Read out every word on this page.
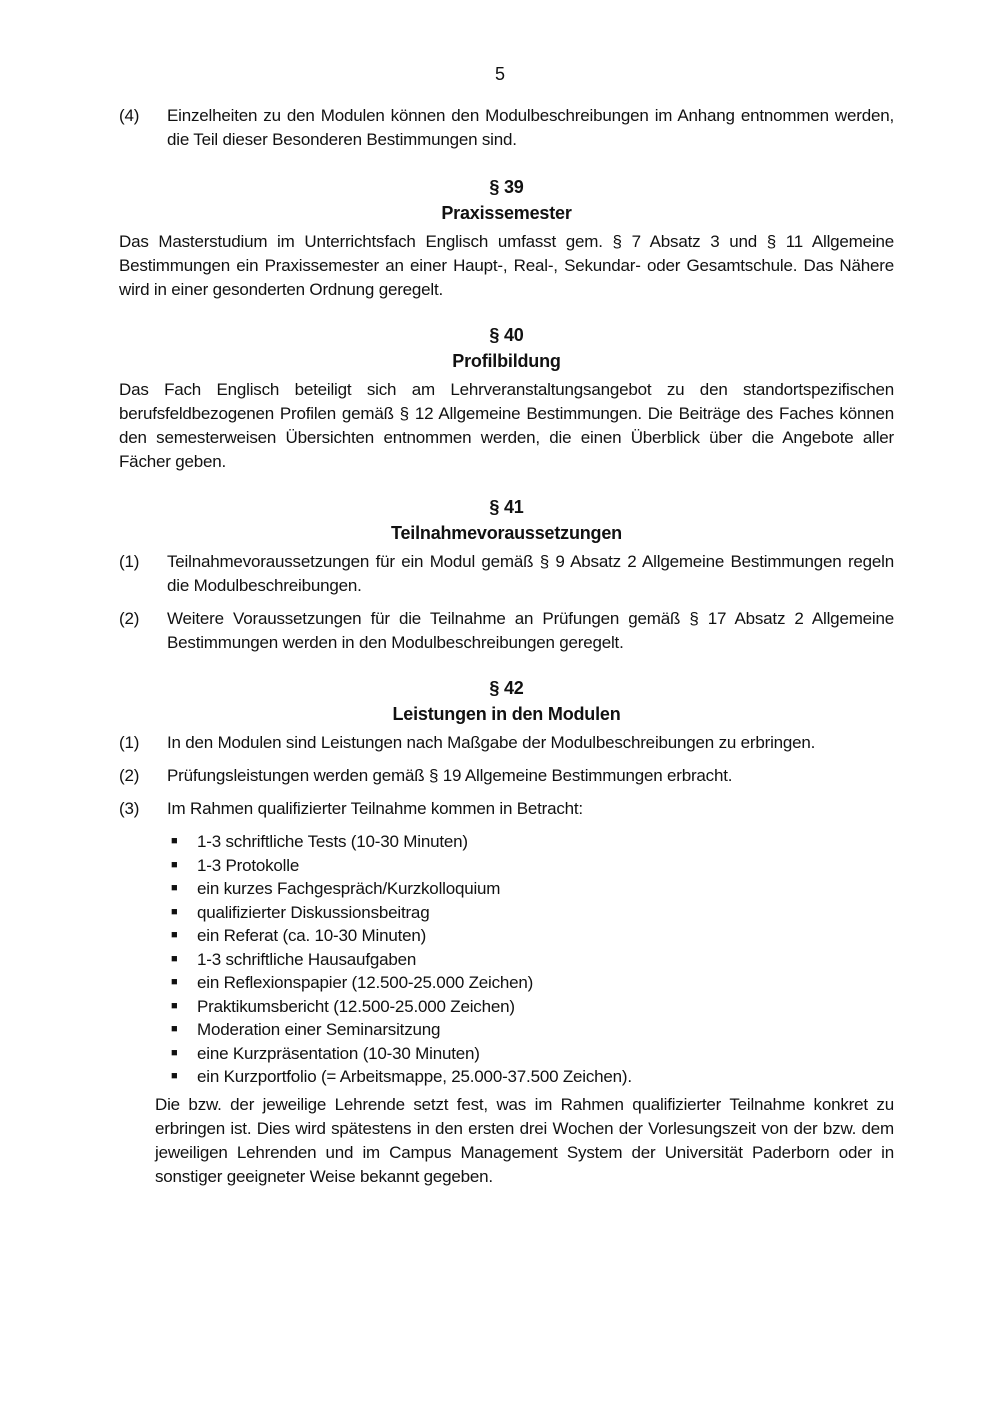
5
(4)	Einzelheiten zu den Modulen können den Modulbeschreibungen im Anhang entnommen werden, die Teil dieser Besonderen Bestimmungen sind.
§ 39
Praxissemester
Das Masterstudium im Unterrichtsfach Englisch umfasst gem. § 7 Absatz 3 und § 11 Allgemeine Bestimmungen ein Praxissemester an einer Haupt-, Real-, Sekundar- oder Gesamtschule. Das Nähere wird in einer gesonderten Ordnung geregelt.
§ 40
Profilbildung
Das Fach Englisch beteiligt sich am Lehrveranstaltungsangebot zu den standortspezifischen berufsfeldbezogenen Profilen gemäß § 12 Allgemeine Bestimmungen. Die Beiträge des Faches können den semesterweisen Übersichten entnommen werden, die einen Überblick über die Angebote aller Fächer geben.
§ 41
Teilnahmevoraussetzungen
(1)	Teilnahmevoraussetzungen für ein Modul gemäß § 9 Absatz 2 Allgemeine Bestimmungen regeln die Modulbeschreibungen.
(2)	Weitere Voraussetzungen für die Teilnahme an Prüfungen gemäß § 17 Absatz 2 Allgemeine Bestimmungen werden in den Modulbeschreibungen geregelt.
§ 42
Leistungen in den Modulen
(1)	In den Modulen sind Leistungen nach Maßgabe der Modulbeschreibungen zu erbringen.
(2)	Prüfungsleistungen werden gemäß § 19 Allgemeine Bestimmungen erbracht.
(3)	Im Rahmen qualifizierter Teilnahme kommen in Betracht:
■	1-3 schriftliche Tests (10-30 Minuten)
■	1-3 Protokolle
■	ein kurzes Fachgespräch/Kurzkolloquium
■	qualifizierter Diskussionsbeitrag
■	ein Referat (ca. 10-30 Minuten)
■	1-3 schriftliche Hausaufgaben
■	ein Reflexionspapier (12.500-25.000 Zeichen)
■	Praktikumsbericht (12.500-25.000 Zeichen)
■	Moderation einer Seminarsitzung
■	eine Kurzpräsentation (10-30 Minuten)
■	ein Kurzportfolio (= Arbeitsmappe, 25.000-37.500 Zeichen).
Die bzw. der jeweilige Lehrende setzt fest, was im Rahmen qualifizierter Teilnahme konkret zu erbringen ist. Dies wird spätestens in den ersten drei Wochen der Vorlesungszeit von der bzw. dem jeweiligen Lehrenden und im Campus Management System der Universität Paderborn oder in sonstiger geeigneter Weise bekannt gegeben.
